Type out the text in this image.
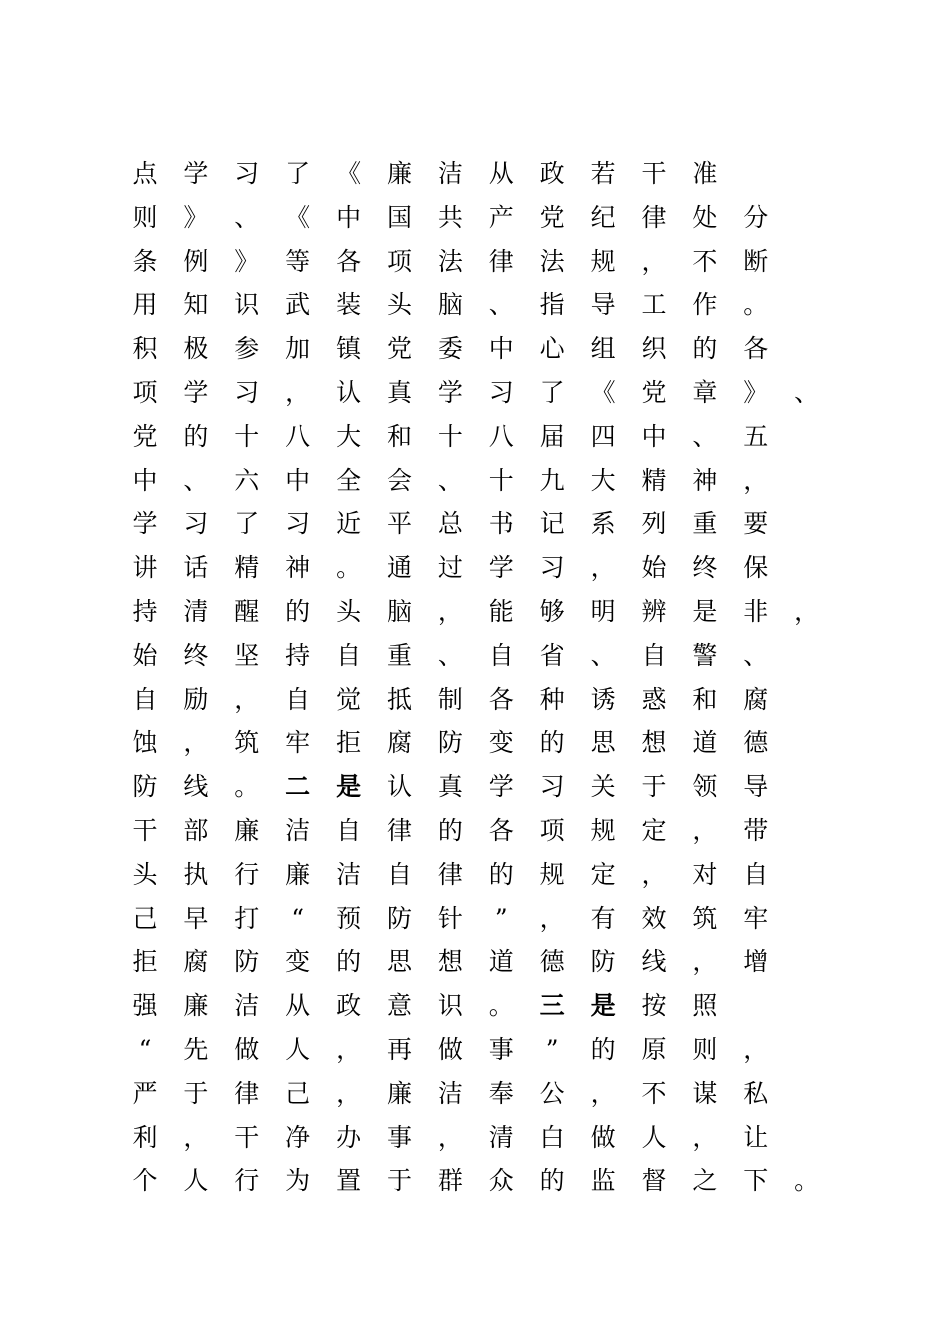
点 学 习 了 《 廉 洁 从 政 若 干 准
则 》 、 《 中 国 共 产 党 纪 律 处 分
条 例 》 等 各 项 法 律 法 规 ， 不 断
用 知 识 武 装 头 脑 、 指 导 工 作 。
积 极 参 加 镇 党 委 中 心 组 织 的 各
项 学 习 ， 认 真 学 习 了 《 党 章 》 、
党 的 十 八 大 和 十 八 届 四 中 、 五
中 、 六 中 全 会 、 十 九 大 精 神 ，
学 习 了 习 近 平 总 书 记 系 列 重 要
讲 话 精 神 。 通 过 学 习 ， 始 终 保
持 清 醒 的 头 脑 ， 能 够 明 辨 是 非 ，
始 终 坚 持 自 重 、 自 省 、 自 警 、
自 励 ， 自 觉 抵 制 各 种 诱 惑 和 腐
蚀 ， 筑 牢 拒 腐 防 变 的 思 想 道 德
防 线 。 二 是 认 真 学 习 关 于 领 导
干 部 廉 洁 自 律 的 各 项 规 定 ， 带
头 执 行 廉 洁 自 律 的 规 定 ， 对 自
己 早 打 “ 预 防 针 ” ， 有 效 筑 牢
拒 腐 防 变 的 思 想 道 德 防 线 ， 增
强 廉 洁 从 政 意 识 。 三 是 按 照
“ 先 做 人 ， 再 做 事 ” 的 原 则 ，
严 于 律 己 ， 廉 洁 奉 公 ， 不 谋 私
利 ， 干 净 办 事 ， 清 白 做 人 ， 让
个 人 行 为 置 于 群 众 的 监 督 之 下 。
